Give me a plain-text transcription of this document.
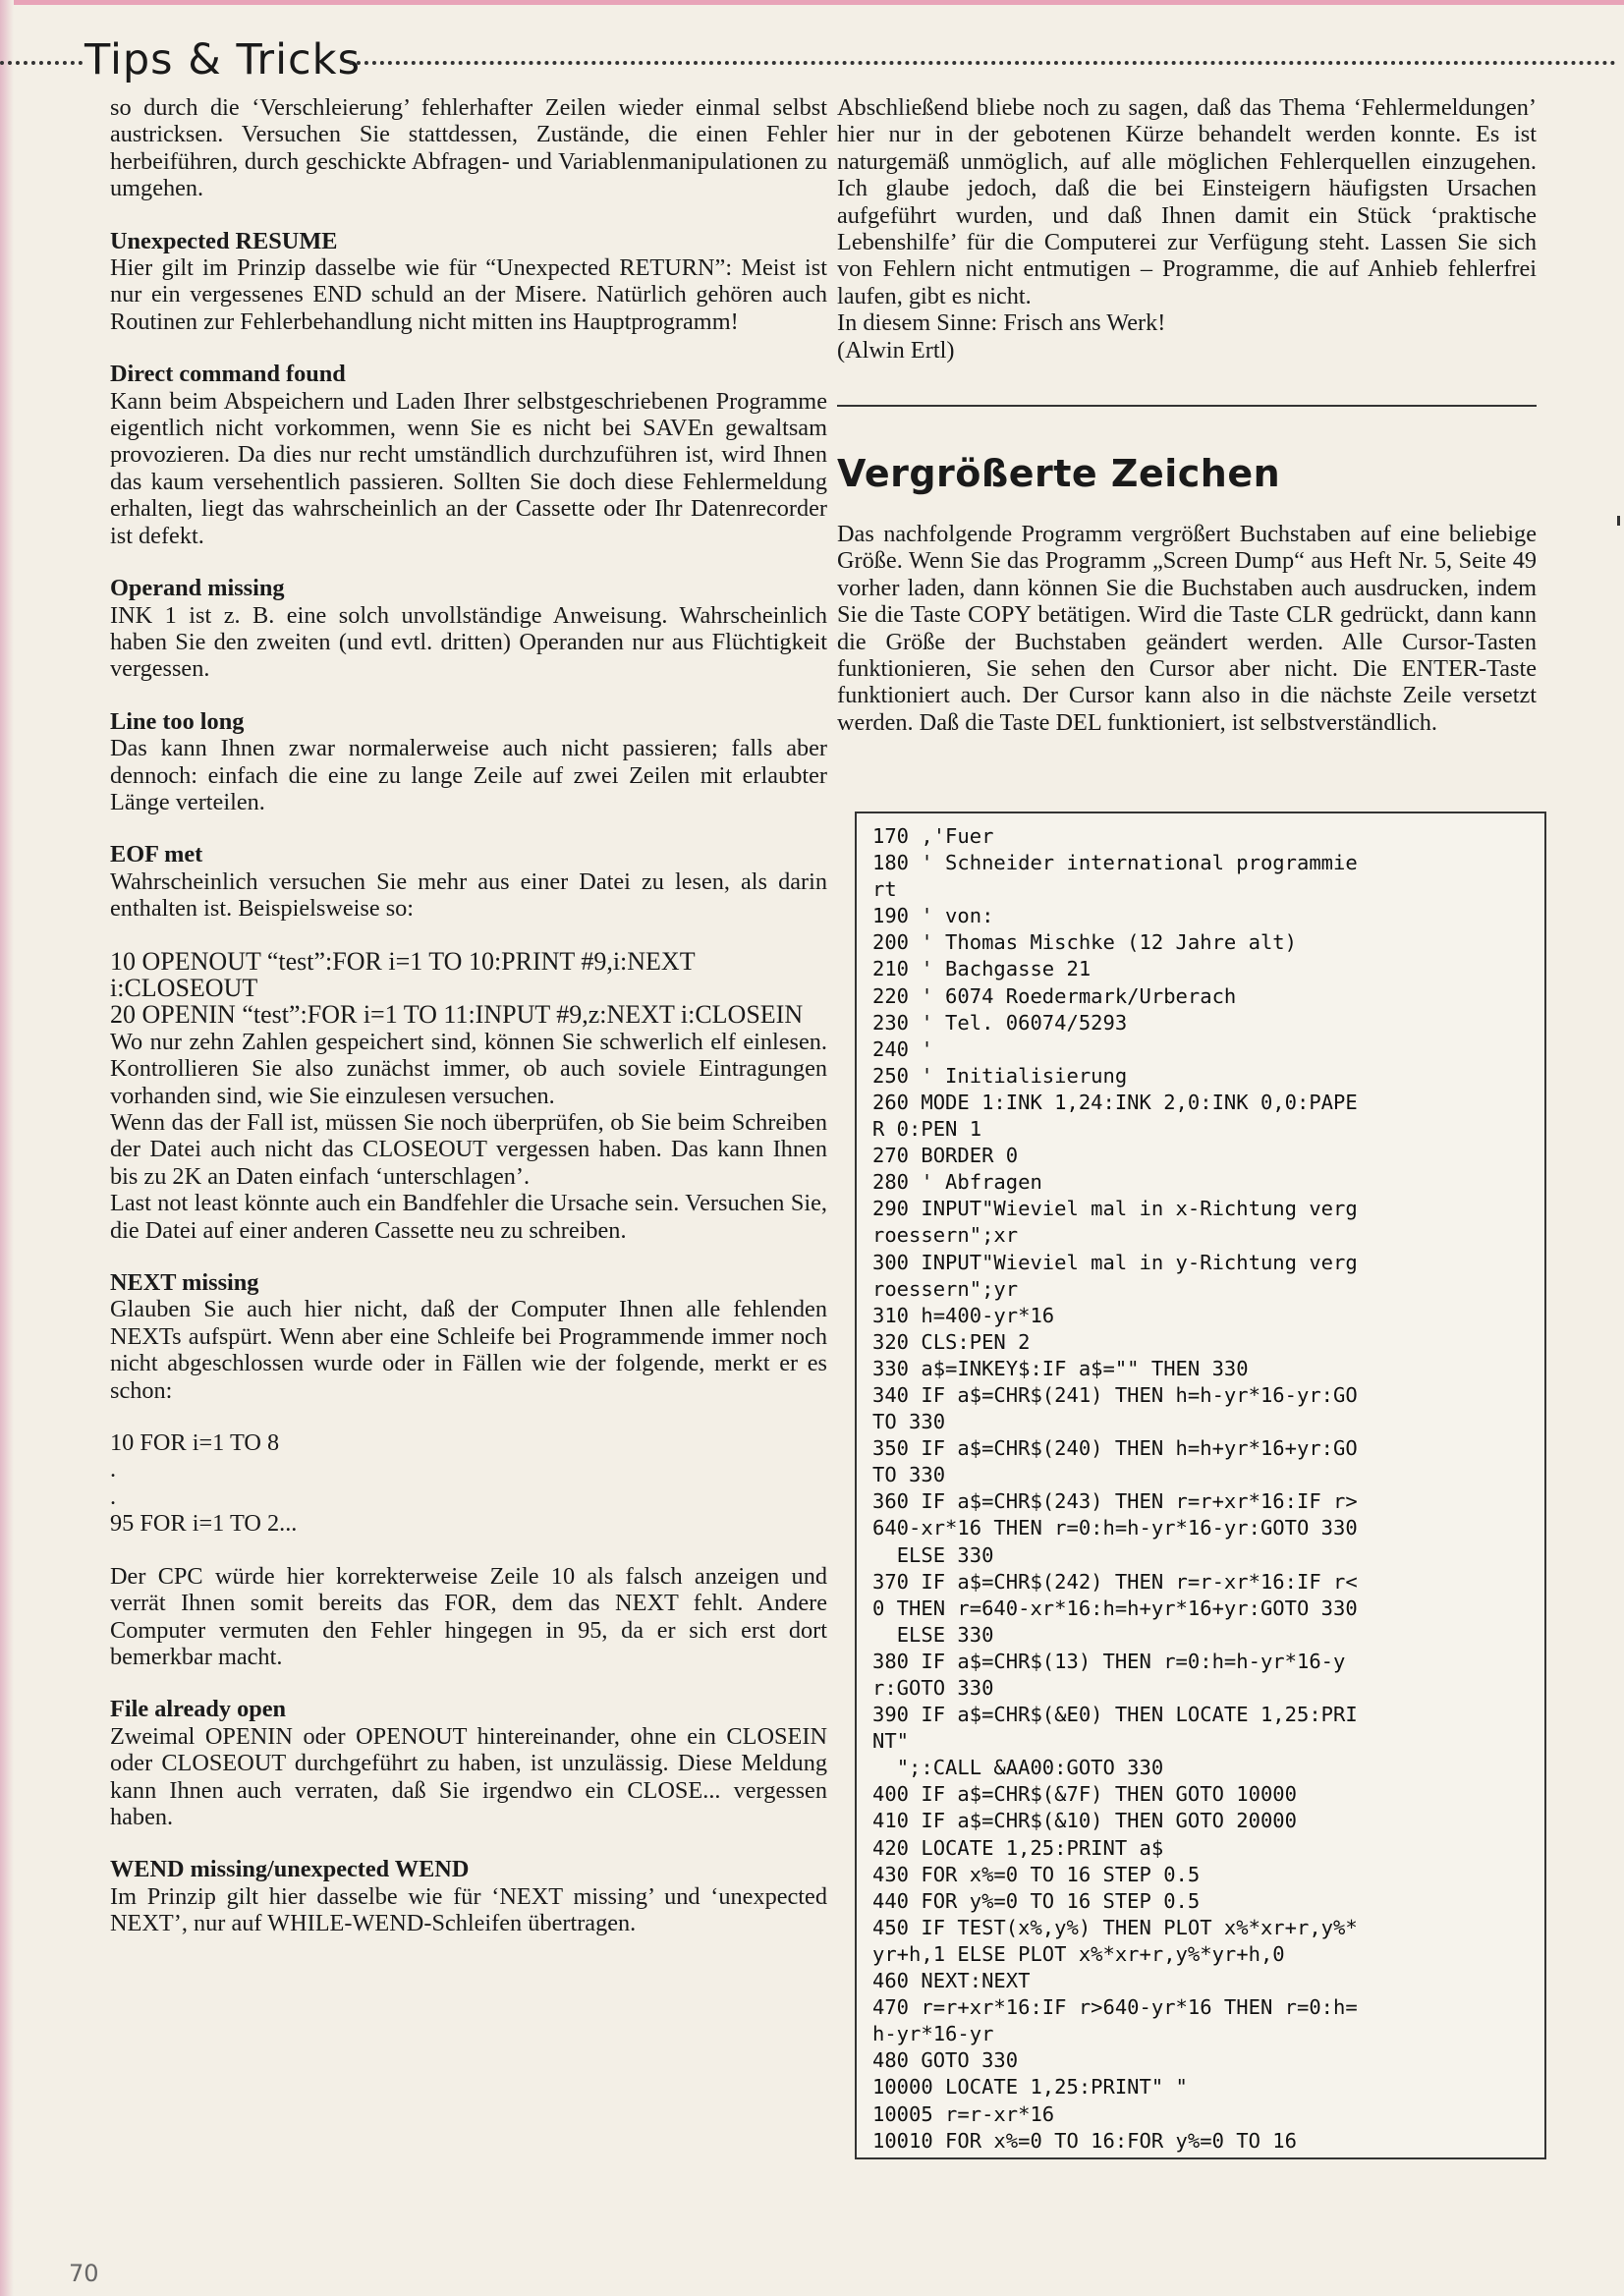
Tips & Tricks

so durch die ‘Verschleierung’ fehlerhafter Zeilen wieder einmal selbst austricksen. Versuchen Sie stattdessen, Zustände, die einen Fehler herbeiführen, durch geschickte Abfragen- und Variablenmanipulationen zu umgehen.

Unexpected RESUME

Hier gilt im Prinzip dasselbe wie für “Unexpected RETURN”: Meist ist nur ein vergessenes END schuld an der Misere. Natürlich gehören auch Routinen zur Fehlerbehandlung nicht mitten ins Hauptprogramm!

Direct command found

Kann beim Abspeichern und Laden Ihrer selbstgeschriebenen Programme eigentlich nicht vorkommen, wenn Sie es nicht bei SAVEn gewaltsam provozieren. Da dies nur recht umständlich durchzuführen ist, wird Ihnen das kaum versehentlich passieren. Sollten Sie doch diese Fehlermeldung erhalten, liegt das wahrscheinlich an der Cassette oder Ihr Datenrecorder ist defekt.

Operand missing

INK 1 ist z. B. eine solch unvollständige Anweisung. Wahrscheinlich haben Sie den zweiten (und evtl. dritten) Operanden nur aus Flüchtigkeit vergessen.

Line too long

Das kann Ihnen zwar normalerweise auch nicht passieren; falls aber dennoch: einfach die eine zu lange Zeile auf zwei Zeilen mit erlaubter Länge verteilen.

EOF met

Wahrscheinlich versuchen Sie mehr aus einer Datei zu lesen, als darin enthalten ist. Beispielsweise so:

10 OPENOUT “test”:FOR i=1 TO 10:PRINT #9,i:NEXT i:CLOSEOUT

20 OPENIN “test”:FOR i=1 TO 11:INPUT #9,z:NEXT i:CLOSEIN

Wo nur zehn Zahlen gespeichert sind, können Sie schwerlich elf einlesen. Kontrollieren Sie also zunächst immer, ob auch soviele Eintragungen vorhanden sind, wie Sie einzulesen versuchen.

Wenn das der Fall ist, müssen Sie noch überprüfen, ob Sie beim Schreiben der Datei auch nicht das CLOSEOUT vergessen haben. Das kann Ihnen bis zu 2K an Daten einfach ‘unterschlagen’.

Last not least könnte auch ein Bandfehler die Ursache sein. Versuchen Sie, die Datei auf einer anderen Cassette neu zu schreiben.

NEXT missing

Glauben Sie auch hier nicht, daß der Computer Ihnen alle fehlenden NEXTs aufspürt. Wenn aber eine Schleife bei Programmende immer noch nicht abgeschlossen wurde oder in Fällen wie der folgende, merkt er es schon:

10 FOR i=1 TO 8

.

.

95 FOR i=1 TO 2...

Der CPC würde hier korrekterweise Zeile 10 als falsch anzeigen und verrät Ihnen somit bereits das FOR, dem das NEXT fehlt. Andere Computer vermuten den Fehler hingegen in 95, da er sich erst dort bemerkbar macht.

File already open

Zweimal OPENIN oder OPENOUT hintereinander, ohne ein CLOSEIN oder CLOSEOUT durchgeführt zu haben, ist unzulässig. Diese Meldung kann Ihnen auch verraten, daß Sie irgendwo ein CLOSE... vergessen haben.

WEND missing/unexpected WEND

Im Prinzip gilt hier dasselbe wie für ‘NEXT missing’ und ‘unexpected NEXT’, nur auf WHILE-WEND-Schleifen übertragen.

Abschließend bliebe noch zu sagen, daß das Thema ‘Fehlermeldungen’ hier nur in der gebotenen Kürze behandelt werden konnte. Es ist naturgemäß unmöglich, auf alle möglichen Fehlerquellen einzugehen. Ich glaube jedoch, daß die bei Einsteigern häufigsten Ursachen aufgeführt wurden, und daß Ihnen damit ein Stück ‘praktische Lebenshilfe’ für die Computerei zur Verfügung steht. Lassen Sie sich von Fehlern nicht entmutigen – Programme, die auf Anhieb fehlerfrei laufen, gibt es nicht.

In diesem Sinne: Frisch ans Werk!

(Alwin Ertl)

Vergrößerte Zeichen

Das nachfolgende Programm vergrößert Buchstaben auf eine beliebige Größe. Wenn Sie das Programm „Screen Dump“ aus Heft Nr. 5, Seite 49 vorher laden, dann können Sie die Buchstaben auch ausdrucken, indem Sie die Taste COPY betätigen. Wird die Taste CLR gedrückt, dann kann die Größe der Buchstaben geändert werden. Alle Cursor-Tasten funktionieren, Sie sehen den Cursor aber nicht. Die ENTER-Taste funktioniert auch. Der Cursor kann also in die nächste Zeile versetzt werden. Daß die Taste DEL funktioniert, ist selbstverständlich.

170 ,'Fuer
180 ' Schneider international programmie
rt
190 ' von:
200 ' Thomas Mischke (12 Jahre alt)
210 ' Bachgasse 21
220 ' 6074 Roedermark/Urberach
230 ' Tel. 06074/5293
240 '
250 ' Initialisierung
260 MODE 1:INK 1,24:INK 2,0:INK 0,0:PAPE
R 0:PEN 1
270 BORDER 0
280 ' Abfragen
290 INPUT"Wieviel mal in x-Richtung verg
roessern";xr
300 INPUT"Wieviel mal in y-Richtung verg
roessern";yr
310 h=400-yr*16
320 CLS:PEN 2
330 a$=INKEY$:IF a$="" THEN 330
340 IF a$=CHR$(241) THEN h=h-yr*16-yr:GO
TO 330
350 IF a$=CHR$(240) THEN h=h+yr*16+yr:GO
TO 330
360 IF a$=CHR$(243) THEN r=r+xr*16:IF r>
640-xr*16 THEN r=0:h=h-yr*16-yr:GOTO 330
ELSE 330
370 IF a$=CHR$(242) THEN r=r-xr*16:IF r<
0 THEN r=640-xr*16:h=h+yr*16+yr:GOTO 330
ELSE 330
380 IF a$=CHR$(13) THEN r=0:h=h-yr*16-y
r:GOTO 330
390 IF a$=CHR$(&E0) THEN LOCATE 1,25:PRI
NT"
";:CALL &AA00:GOTO 330
400 IF a$=CHR$(&7F) THEN GOTO 10000
410 IF a$=CHR$(&10) THEN GOTO 20000
420 LOCATE 1,25:PRINT a$
430 FOR x%=0 TO 16 STEP 0.5
440 FOR y%=0 TO 16 STEP 0.5
450 IF TEST(x%,y%) THEN PLOT x%*xr+r,y%*
yr+h,1 ELSE PLOT x%*xr+r,y%*yr+h,0
460 NEXT:NEXT
470 r=r+xr*16:IF r>640-yr*16 THEN r=0:h=
h-yr*16-yr
480 GOTO 330
10000 LOCATE 1,25:PRINT" "
10005 r=r-xr*16
10010 FOR x%=0 TO 16:FOR y%=0 TO 16
70
